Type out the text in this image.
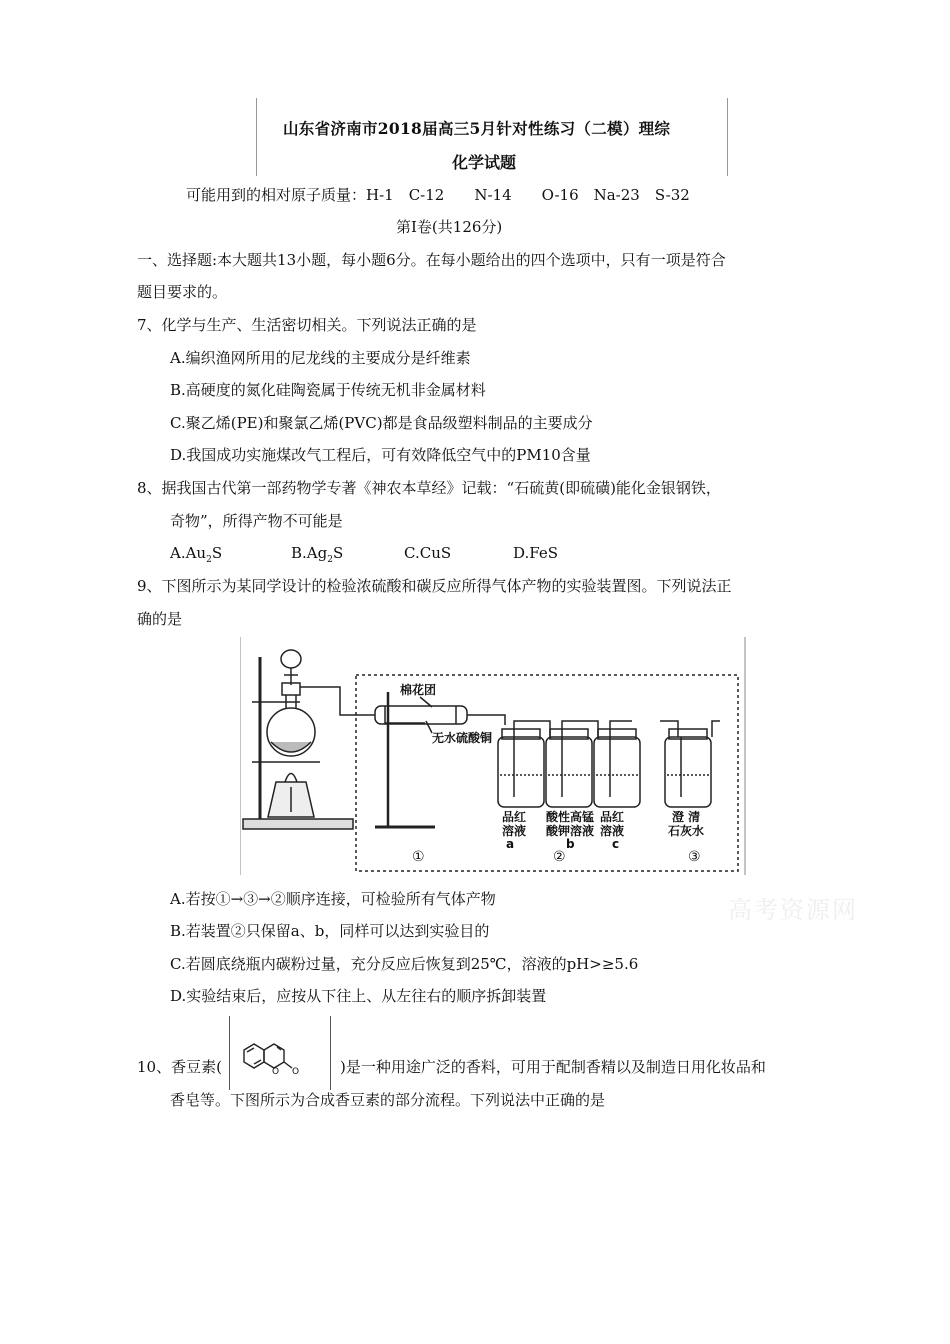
山东省济南市2018届高三5月针对性练习（二模）理综
化学试题
可能用到的相对原子质量：H-1　C-12　　N-14　　O-16　Na-23　S-32
第Ⅰ卷(共126分)
一、选择题:本大题共13小题，每小题6分。在每小题给出的四个选项中，只有一项是符合
题目要求的。
7、化学与生产、生活密切相关。下列说法正确的是
A.编织渔网所用的尼龙线的主要成分是纤维素
B.高硬度的氮化硅陶瓷属于传统无机非金属材料
C.聚乙烯(PE)和聚氯乙烯(PVC)都是食品级塑料制品的主要成分
D.我国成功实施煤改气工程后，可有效降低空气中的PM10含量
8、据我国古代第一部药物学专著《神农本草经》记载：“石硫黄(即硫磺)能化金银钢铁，
奇物”，所得产物不可能是
$A.Au_2S$	$B.Ag_2S$	C.CuS	D.FeS
9、下图所示为某同学设计的检验浓硫酸和碳反应所得气体产物的实验装置图。下列说法正
确的是
棉花团
无水硫酸铜
品红
溶液
a
酸性高锰
酸钾溶液
b
品红
溶液
c
澄 清
石灰水
①	②	③
A.若按①→③→②顺序连接，可检验所有气体产物
B.若装置②只保留a、b，同样可以达到实验目的
C.若圆底绕瓶内碳粉过量，充分反应后恢复到25℃，溶液的pH>≥5.6
D.实验结束后，应按从下往上、从左往右的顺序拆卸装置
高考资源网
10、香豆素(	O O	)是一种用途广泛的香料，可用于配制香精以及制造日用化妆品和
香皂等。下图所示为合成香豆素的部分流程。下列说法中正确的是
